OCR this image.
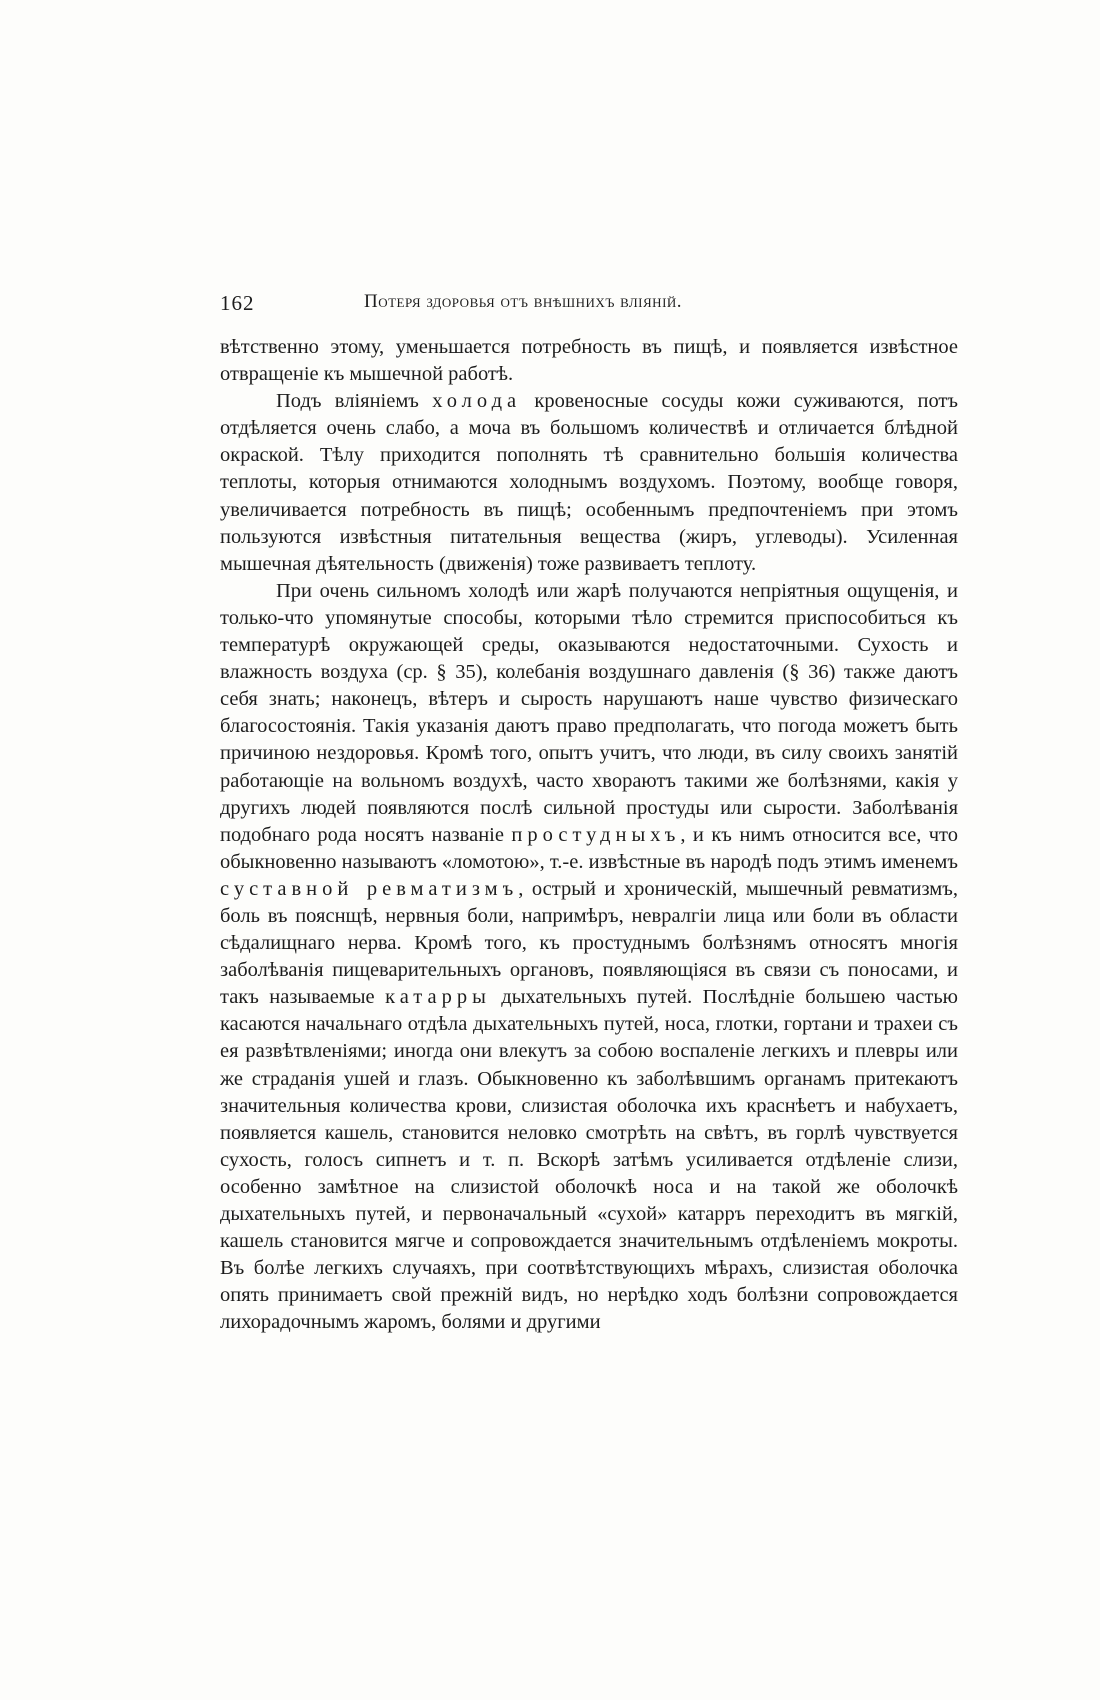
162	Потеря здоровья отъ внѣшнихъ вліяній.

вѣтственно этому, уменьшается потребность въ пищѣ, и появляется извѣстное отвращеніе къ мышечной работѣ.

Подъ вліяніемъ холода кровеносные сосуды кожи суживаются, потъ отдѣляется очень слабо, а моча въ большомъ количествѣ и отличается блѣдной окраской. Тѣлу приходится пополнять тѣ сравнительно большія количества теплоты, которыя отнимаются холоднымъ воздухомъ. Поэтому, вообще говоря, увеличивается потребность въ пищѣ; особеннымъ предпочтеніемъ при этомъ пользуются извѣстныя питательныя вещества (жиръ, углеводы). Усиленная мышечная дѣятельность (движенія) тоже развиваетъ теплоту.

При очень сильномъ холодѣ или жарѣ получаются непріятныя ощущенія, и только-что упомянутые способы, которыми тѣло стремится приспособиться къ температурѣ окружающей среды, оказываются недостаточными. Сухость и влажность воздуха (ср. § 35), колебанія воздушнаго давленія (§ 36) также даютъ себя знать; наконецъ, вѣтеръ и сырость нарушаютъ наше чувство физическаго благосостоянія. Такія указанія даютъ право предполагать, что погода можетъ быть причиною нездоровья. Кромѣ того, опытъ учитъ, что люди, въ силу своихъ занятій работающіе на вольномъ воздухѣ, часто хвораютъ такими же болѣзнями, какія у другихъ людей появляются послѣ сильной простуды или сырости. Заболѣванія подобнаго рода носятъ названіе простудныхъ, и къ нимъ относится все, что обыкновенно называютъ «ломотою», т.-е. извѣстные въ народѣ подъ этимъ именемъ суставной ревматизмъ, острый и хроническій, мышечный ревматизмъ, боль въ пояснщѣ, нервныя боли, напримѣръ, невралгіи лица или боли въ области сѣдалищнаго нерва. Кромѣ того, къ простуднымъ болѣзнямъ относятъ многія заболѣванія пищеварительныхъ органовъ, появляющіяся въ связи съ поносами, и такъ называемые катарры дыхательныхъ путей. Послѣдніе большею частью касаются начальнаго отдѣла дыхательныхъ путей, носа, глотки, гортани и трахеи съ ея развѣтвленіями; иногда они влекутъ за собою воспаленіе легкихъ и плевры или же страданія ушей и глазъ. Обыкновенно къ заболѣвшимъ органамъ притекаютъ значительныя количества крови, слизистая оболочка ихъ краснѣетъ и набухаетъ, появляется кашель, становится неловко смотрѣть на свѣтъ, въ горлѣ чувствуется сухость, голосъ сипнетъ и т. п. Вскорѣ затѣмъ усиливается отдѣленіе слизи, особенно замѣтное на слизистой оболочкѣ носа и на такой же оболочкѣ дыхательныхъ путей, и первоначальный «сухой» катарръ переходитъ въ мягкій, кашель становится мягче и сопровождается значительнымъ отдѣленіемъ мокроты. Въ болѣе легкихъ случаяхъ, при соотвѣтствующихъ мѣрахъ, слизистая оболочка опять принимаетъ свой прежній видъ, но нерѣдко ходъ болѣзни сопровождается лихорадочнымъ жаромъ, болями и другими
